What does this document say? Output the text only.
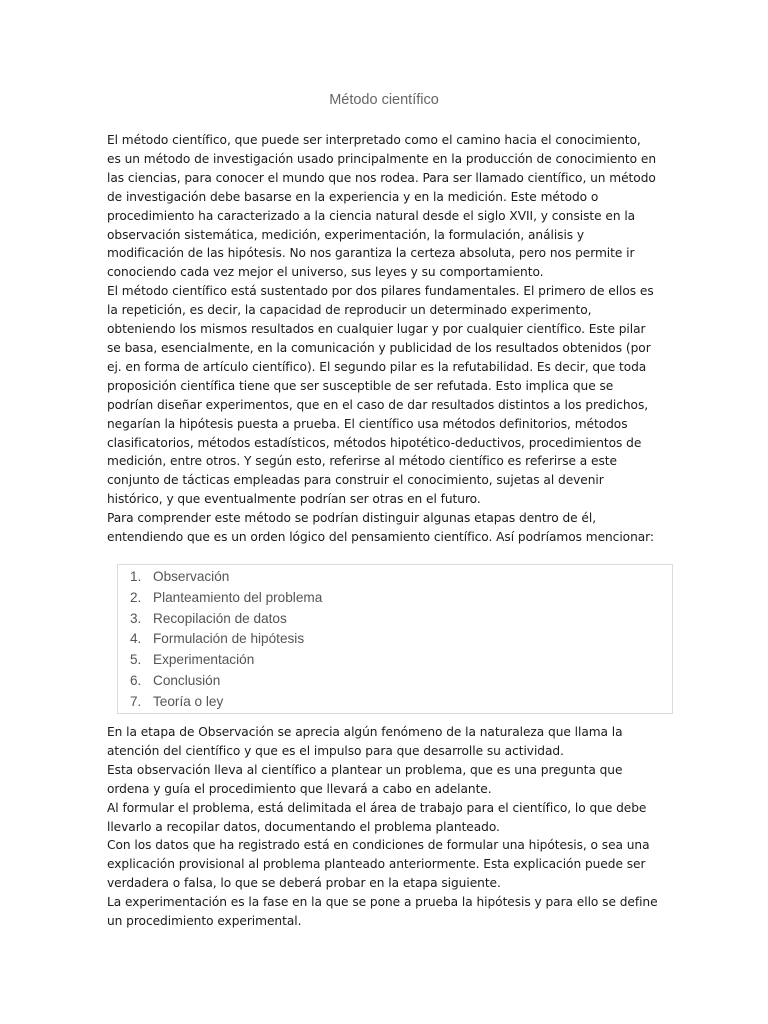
Método científico

El método científico, que puede ser interpretado como el camino hacia el conocimiento,

es un método de investigación usado principalmente en la producción de conocimiento en

las ciencias, para conocer el mundo que nos rodea. Para ser llamado científico, un método

de investigación debe basarse en la experiencia y en la medición. Este método o

procedimiento ha caracterizado a la ciencia natural desde el siglo XVII, y consiste en la

observación sistemática, medición, experimentación, la formulación, análisis y

modificación de las hipótesis. No nos garantiza la certeza absoluta, pero nos permite ir

conociendo cada vez mejor el universo, sus leyes y su comportamiento.

El método científico está sustentado por dos pilares fundamentales. El primero de ellos es

la repetición, es decir, la capacidad de reproducir un determinado experimento,

obteniendo los mismos resultados en cualquier lugar y por cualquier científico. Este pilar

se basa, esencialmente, en la comunicación y publicidad de los resultados obtenidos (por

ej. en forma de artículo científico). El segundo pilar es la refutabilidad. Es decir, que toda

proposición científica tiene que ser susceptible de ser refutada. Esto implica que se

podrían diseñar experimentos, que en el caso de dar resultados distintos a los predichos,

negarían la hipótesis puesta a prueba. El científico usa métodos definitorios, métodos

clasificatorios, métodos estadísticos, métodos hipotético-deductivos, procedimientos de

medición, entre otros. Y según esto, referirse al método científico es referirse a este

conjunto de tácticas empleadas para construir el conocimiento, sujetas al devenir

histórico, y que eventualmente podrían ser otras en el futuro.

Para comprender este método se podrían distinguir algunas etapas dentro de él,

entendiendo que es un orden lógico del pensamiento científico. Así podríamos mencionar:

1. Observación
2. Planteamiento del problema
3. Recopilación de datos
4. Formulación de hipótesis
5. Experimentación
6. Conclusión
7. Teoría o ley

En la etapa de Observación se aprecia algún fenómeno de la naturaleza que llama la

atención del científico y que es el impulso para que desarrolle su actividad.

Esta observación lleva al científico a plantear un problema, que es una pregunta que

ordena y guía el procedimiento que llevará a cabo en adelante.

Al formular el problema, está delimitada el área de trabajo para el científico, lo que debe

llevarlo a recopilar datos, documentando el problema planteado.

Con los datos que ha registrado está en condiciones de formular una hipótesis, o sea una

explicación provisional al problema planteado anteriormente. Esta explicación puede ser

verdadera o falsa, lo que se deberá probar en la etapa siguiente.

La experimentación es la fase en la que se pone a prueba la hipótesis y para ello se define

un procedimiento experimental.
